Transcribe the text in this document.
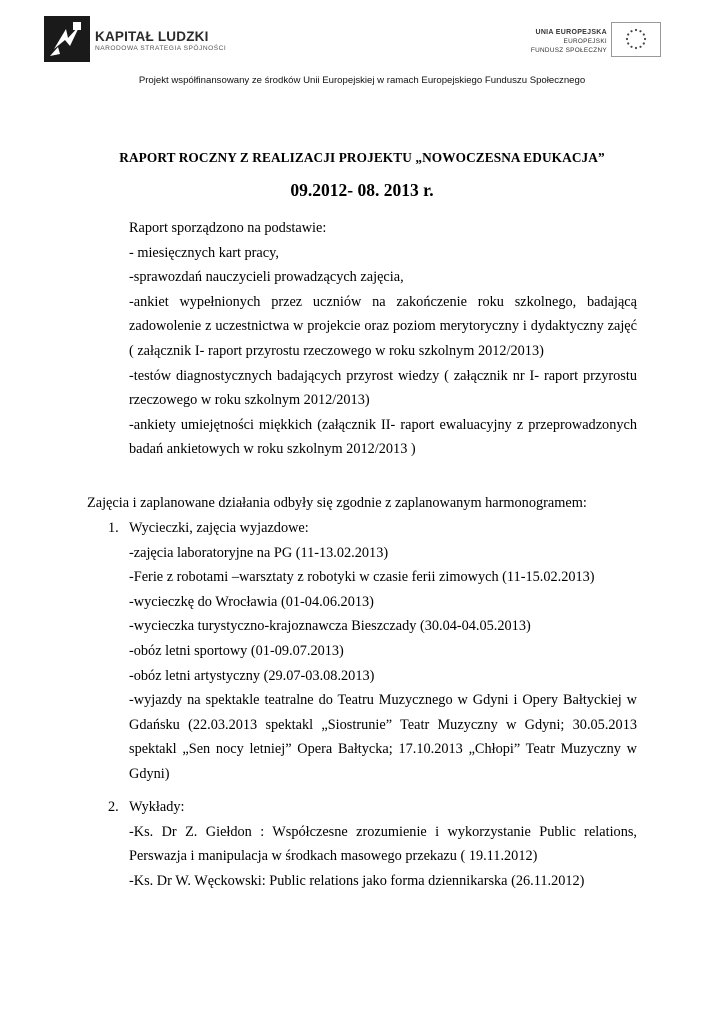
KAPITAŁ LUDZKI
NARODOWA STRATEGIA SPÓJNOŚCI
UNIA EUROPEJSKA
EUROPEJSKI
FUNDUSZ SPOŁECZNY
Projekt współfinansowany ze środków Unii Europejskiej w ramach Europejskiego Funduszu Społecznego
RAPORT ROCZNY Z REALIZACJI PROJEKTU „NOWOCZESNA EDUKACJA”
09.2012- 08. 2013 r.

Raport sporządzono na podstawie:

- miesięcznych kart pracy,

-sprawozdań nauczycieli prowadzących zajęcia,

-ankiet wypełnionych przez uczniów na zakończenie roku szkolnego, badającą zadowolenie z uczestnictwa w projekcie oraz poziom merytoryczny i dydaktyczny zajęć ( załącznik I- raport przyrostu rzeczowego w roku szkolnym 2012/2013)

-testów diagnostycznych badających przyrost wiedzy ( załącznik nr I- raport przyrostu rzeczowego w roku szkolnym 2012/2013)

-ankiety umiejętności miękkich (załącznik II- raport ewaluacyjny z przeprowadzonych badań ankietowych w roku szkolnym 2012/2013 )

Zajęcia i zaplanowane działania odbyły się zgodnie z zaplanowanym harmonogramem:
1. Wycieczki, zajęcia wyjazdowe:

-zajęcia laboratoryjne na PG (11-13.02.2013)

-Ferie z robotami –warsztaty z robotyki w czasie ferii zimowych (11-15.02.2013)

-wycieczkę do Wrocławia (01-04.06.2013)

-wycieczka turystyczno-krajoznawcza Bieszczady (30.04-04.05.2013)

-obóz letni sportowy (01-09.07.2013)

-obóz letni artystyczny (29.07-03.08.2013)

-wyjazdy na spektakle teatralne do Teatru Muzycznego w Gdyni i Opery Bałtyckiej w Gdańsku (22.03.2013 spektakl „Siostrunie” Teatr Muzyczny w Gdyni; 30.05.2013 spektakl „Sen nocy letniej” Opera Bałtycka; 17.10.2013 „Chłopi” Teatr Muzyczny w Gdyni)

2. Wykłady:

-Ks. Dr Z. Giełdon : Współczesne zrozumienie i wykorzystanie Public relations, Perswazja i manipulacja w środkach masowego przekazu ( 19.11.2012)

-Ks. Dr W. Węckowski: Public relations jako forma dziennikarska (26.11.2012)
